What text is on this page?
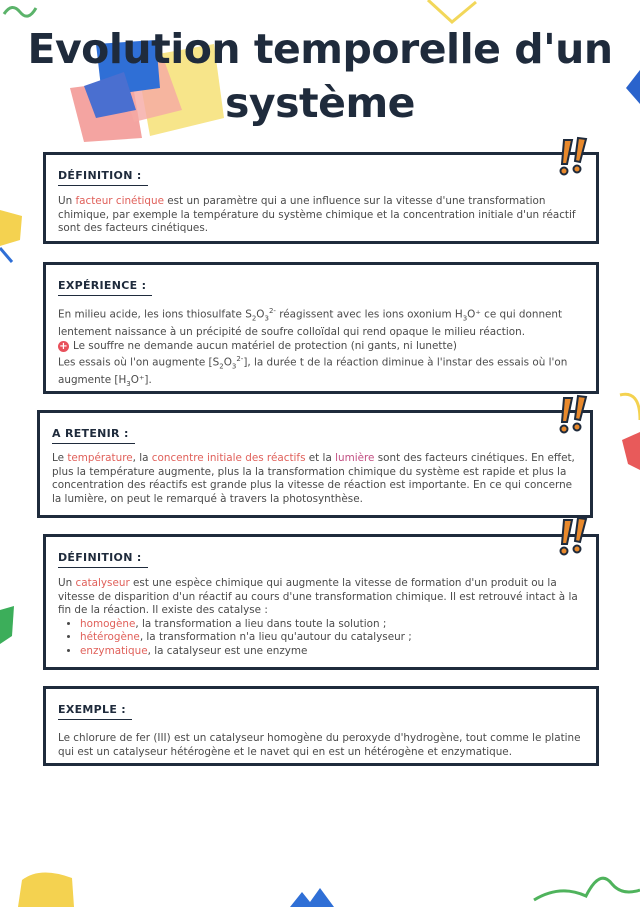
Evolution temporelle d'un système
DÉFINITION :
Un facteur cinétique est un paramètre qui a une influence sur la vitesse d'une transformation chimique, par exemple la température du système chimique et la concentration initiale d'un réactif sont des facteurs cinétiques.
EXPÉRIENCE :
En milieu acide, les ions thiosulfate $S_2O_3^{2-}$ réagissent avec les ions oxonium $H_3O^+$ ce qui donnent lentement naissance à un précipité de soufre colloïdal qui rend opaque le milieu réaction.
+ Le souffre ne demande aucun matériel de protection (ni gants, ni lunette)
Les essais où l'on augmente $[S_2O_3^{2-}]$, la durée t de la réaction diminue à l'instar des essais où l'on augmente $[H_3O^+]$.
A RETENIR :
Le température, la concentre initiale des réactifs et la lumière sont des facteurs cinétiques. En effet, plus la température augmente, plus la la transformation chimique du système est rapide et plus la concentration des réactifs est grande plus la vitesse de réaction est importante. En ce qui concerne la lumière, on peut le remarqué à travers la photosynthèse.
DÉFINITION :
Un catalyseur est une espèce chimique qui augmente la vitesse de formation d'un produit ou la vitesse de disparition d'un réactif au cours d'une transformation chimique. Il est retrouvé intact à la fin de la réaction. Il existe des catalyse :
• homogène, la transformation a lieu dans toute la solution ;
• hétérogène, la transformation n'a lieu qu'autour du catalyseur ;
• enzymatique, la catalyseur est une enzyme
EXEMPLE :
Le chlorure de fer (III) est un catalyseur homogène du peroxyde d'hydrogène, tout comme le platine qui est un catalyseur hétérogène et le navet qui en est un hétérogène et enzymatique.
